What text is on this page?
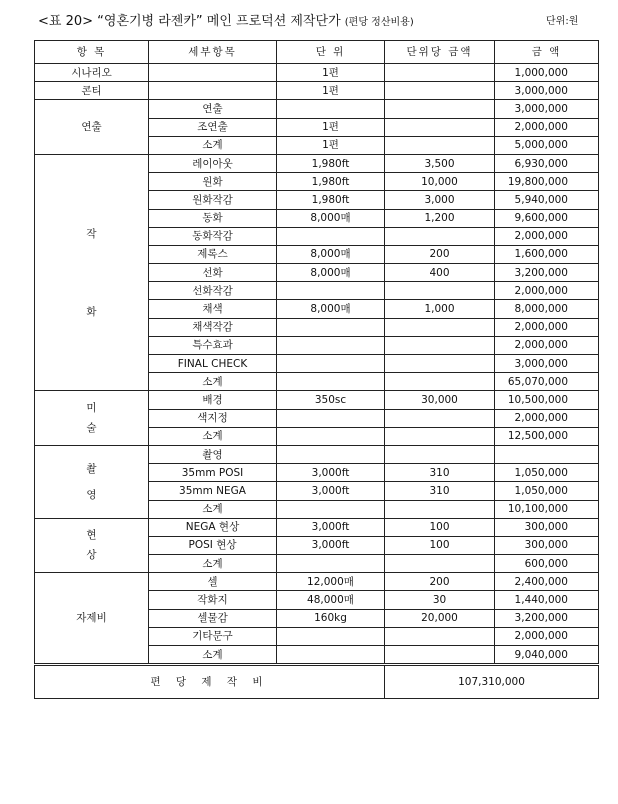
<표 20> “영혼기병 라젠카” 메인 프로덕션 제작단가 (편당 정산비용)	단위:원
항 목	세부항목	단 위	단위당 금액	금 액
시나리오		1편		1,000,000
콘티		1편		3,000,000
연출	연출			3,000,000
	조연출	1편		2,000,000
	소계	1편		5,000,000

작
화	레이아웃	1,980ft	3,500	6,930,000
	원화	1,980ft	10,000	19,800,000
	원화작감	1,980ft	3,000	5,940,000
	동화	8,000매	1,200	9,600,000
	동화작감			2,000,000
	제록스	8,000매	200	1,600,000
	선화	8,000매	400	3,200,000
	선화작감			2,000,000
	채색	8,000매	1,000	8,000,000
	채색작감			2,000,000
	특수효과			2,000,000
	FINAL CHECK			3,000,000
	소계			65,070,000

미
술	배경	350sc	30,000	10,500,000
	색지정			2,000,000
	소계			12,500,000

촬
영	촬영			
	35mm POSI	3,000ft	310	1,050,000
	35mm NEGA	3,000ft	310	1,050,000
	소계			10,100,000

현
상	NEGA 현상	3,000ft	100	300,000
	POSI 현상	3,000ft	100	300,000
	소계			600,000
자제비	셀	12,000매	200	2,400,000
	작화지	48,000매	30	1,440,000
	셀물감	160kg	20,000	3,200,000
	기타문구			2,000,000
	소계			9,040,000
편 당 제 작 비			107,310,000	
